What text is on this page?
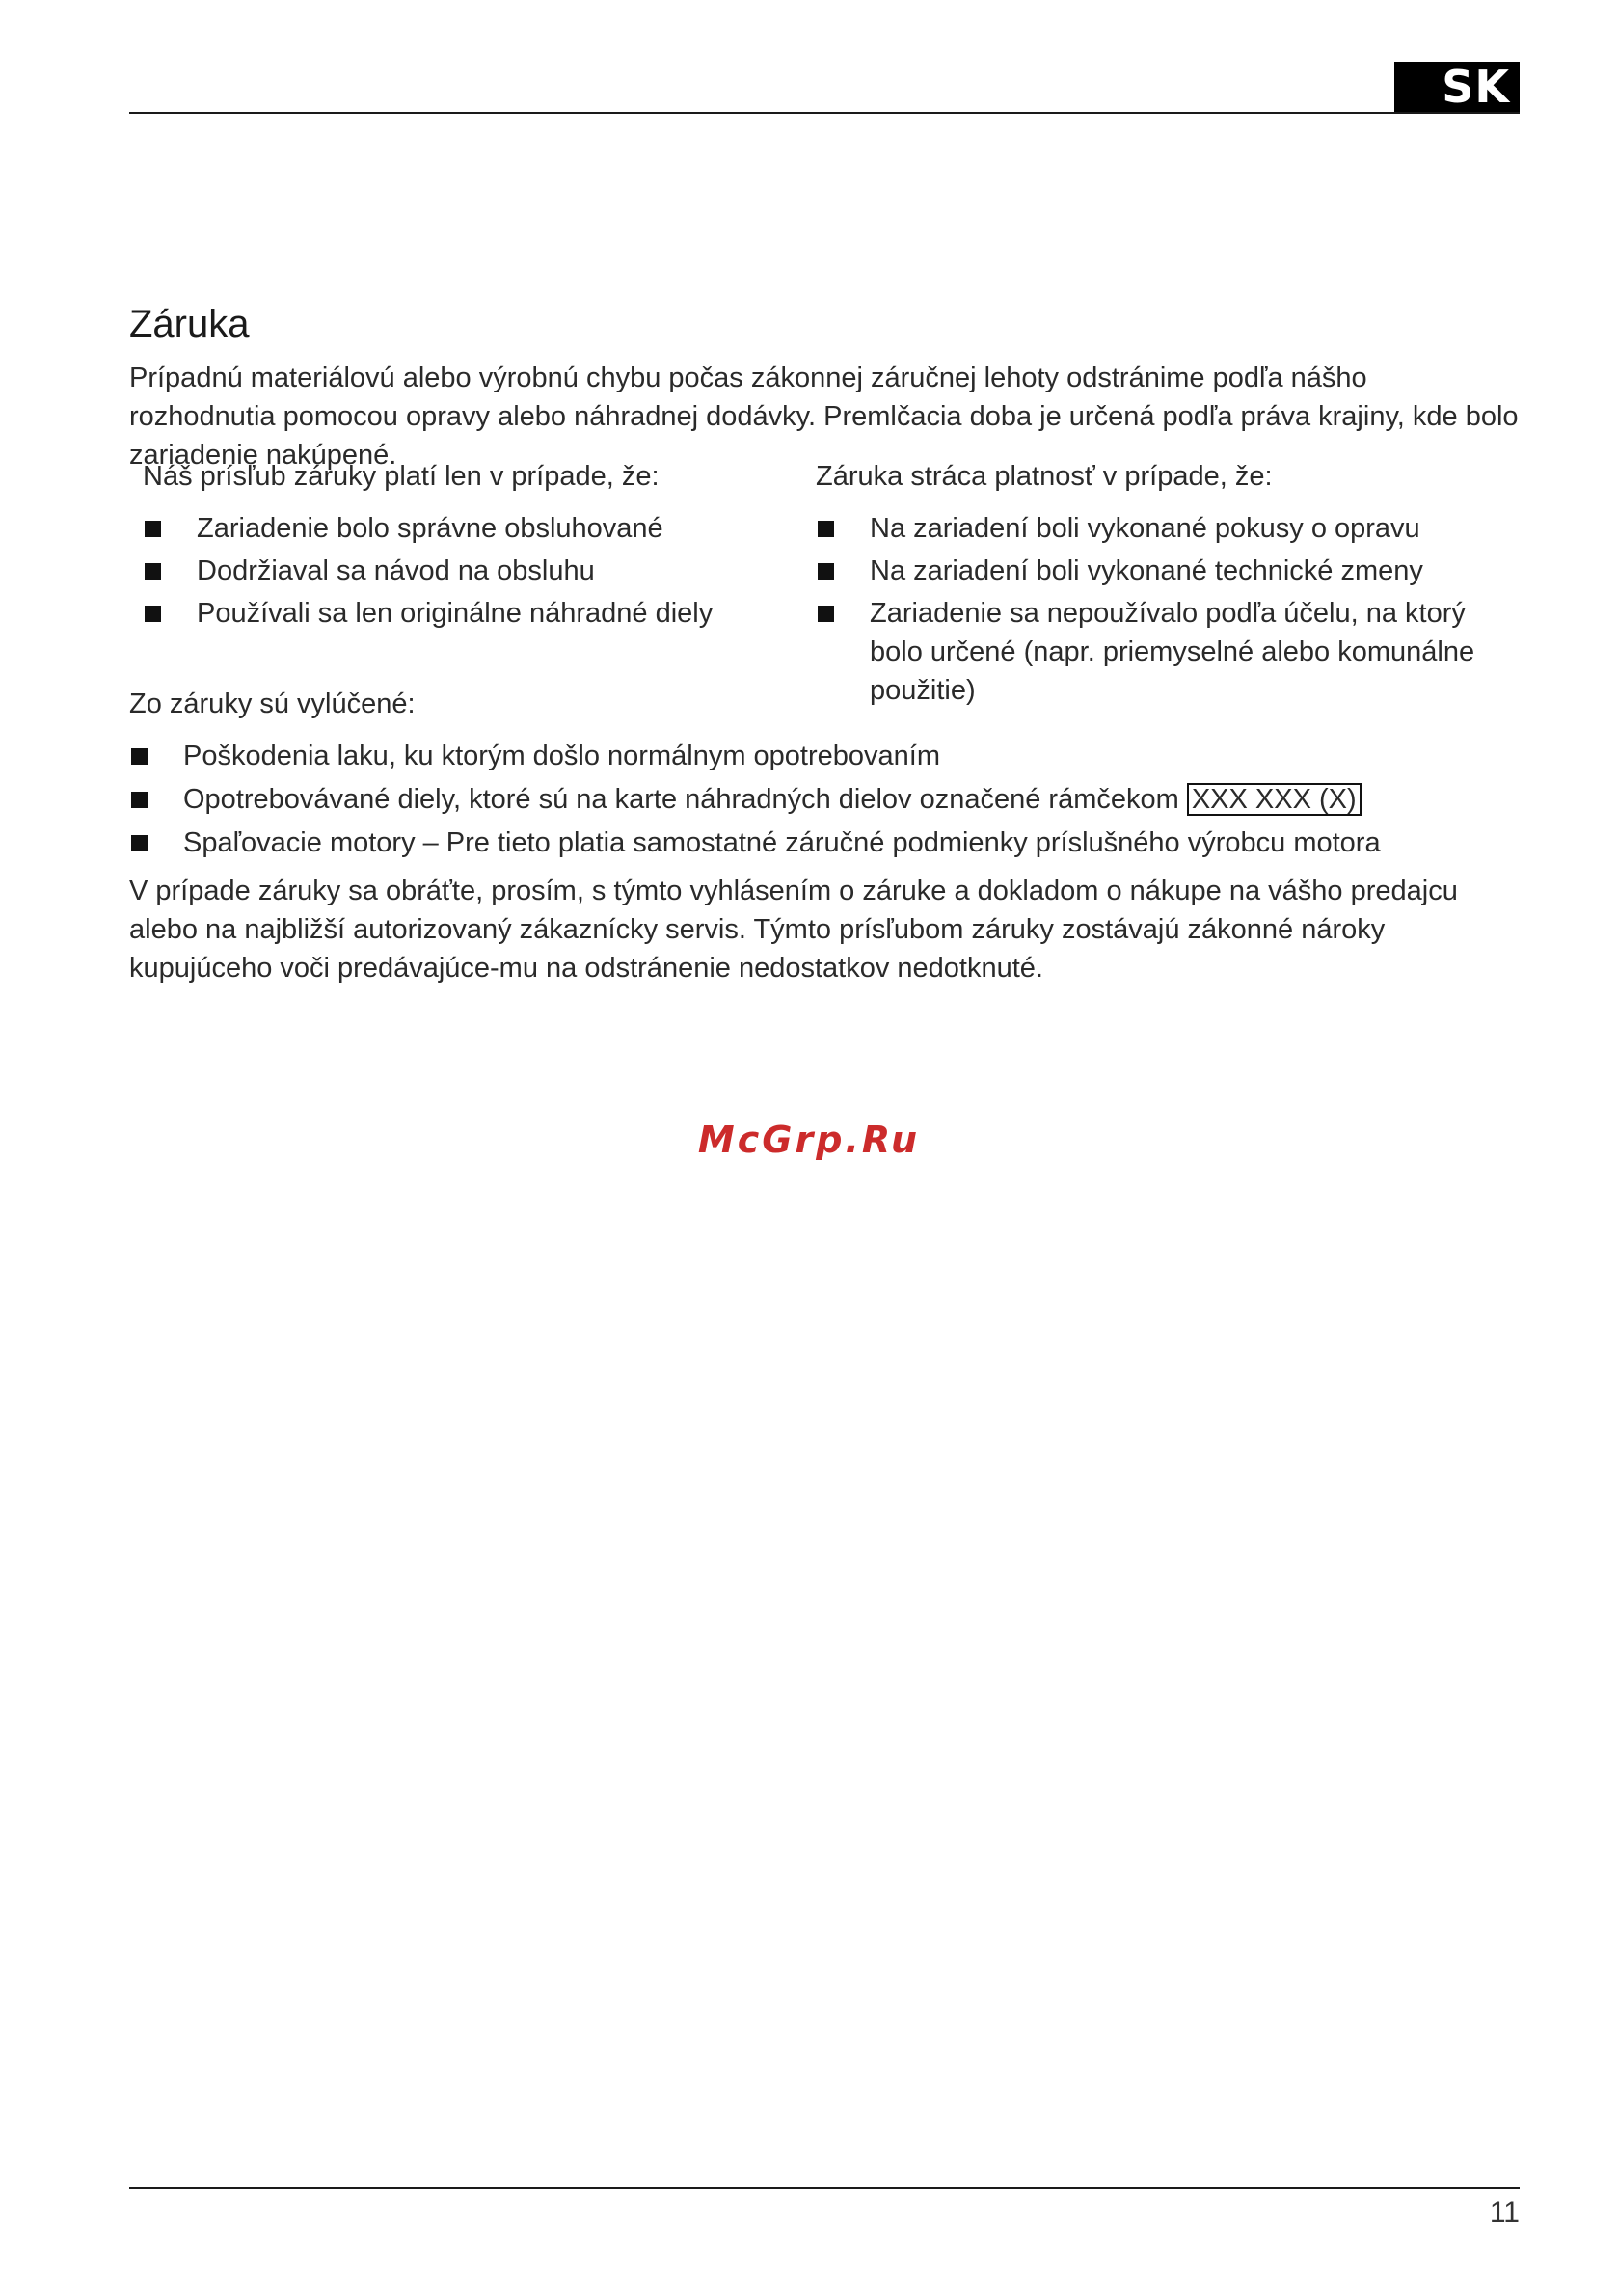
SK
Záruka

Prípadnú materiálovú alebo výrobnú chybu počas zákonnej záručnej lehoty odstránime podľa nášho rozhodnutia pomocou opravy alebo náhradnej dodávky. Premlčacia doba je určená podľa práva krajiny, kde bolo zariadenie nakúpené.

Náš prísľub záruky platí len v prípade, že:

Zariadenie bolo správne obsluhované
Dodržiaval sa návod na obsluhu
Používali sa len originálne náhradné diely

Záruka stráca platnosť v prípade, že:

Na zariadení boli vykonané pokusy o opravu
Na zariadení boli vykonané technické zmeny
Zariadenie sa nepoužívalo podľa účelu, na ktorý bolo určené (napr. priemyselné alebo komunálne použitie)

Zo záruky sú vylúčené:

Poškodenia laku, ku ktorým došlo normálnym opotrebovaním
Opotrebovávané diely, ktoré sú na karte náhradných dielov označené rámčekom XXX XXX (X)
Spaľovacie motory – Pre tieto platia samostatné záručné podmienky príslušného výrobcu motora

V prípade záruky sa obráťte, prosím, s týmto vyhlásením o záruke a dokladom o nákupe na vášho predajcu alebo na najbližší autorizovaný zákaznícky servis. Týmto prísľubom záruky zostávajú zákonné nároky kupujúceho voči predávajúce-mu na odstránenie nedostatkov nedotknuté.

McGrp.Ru
11
